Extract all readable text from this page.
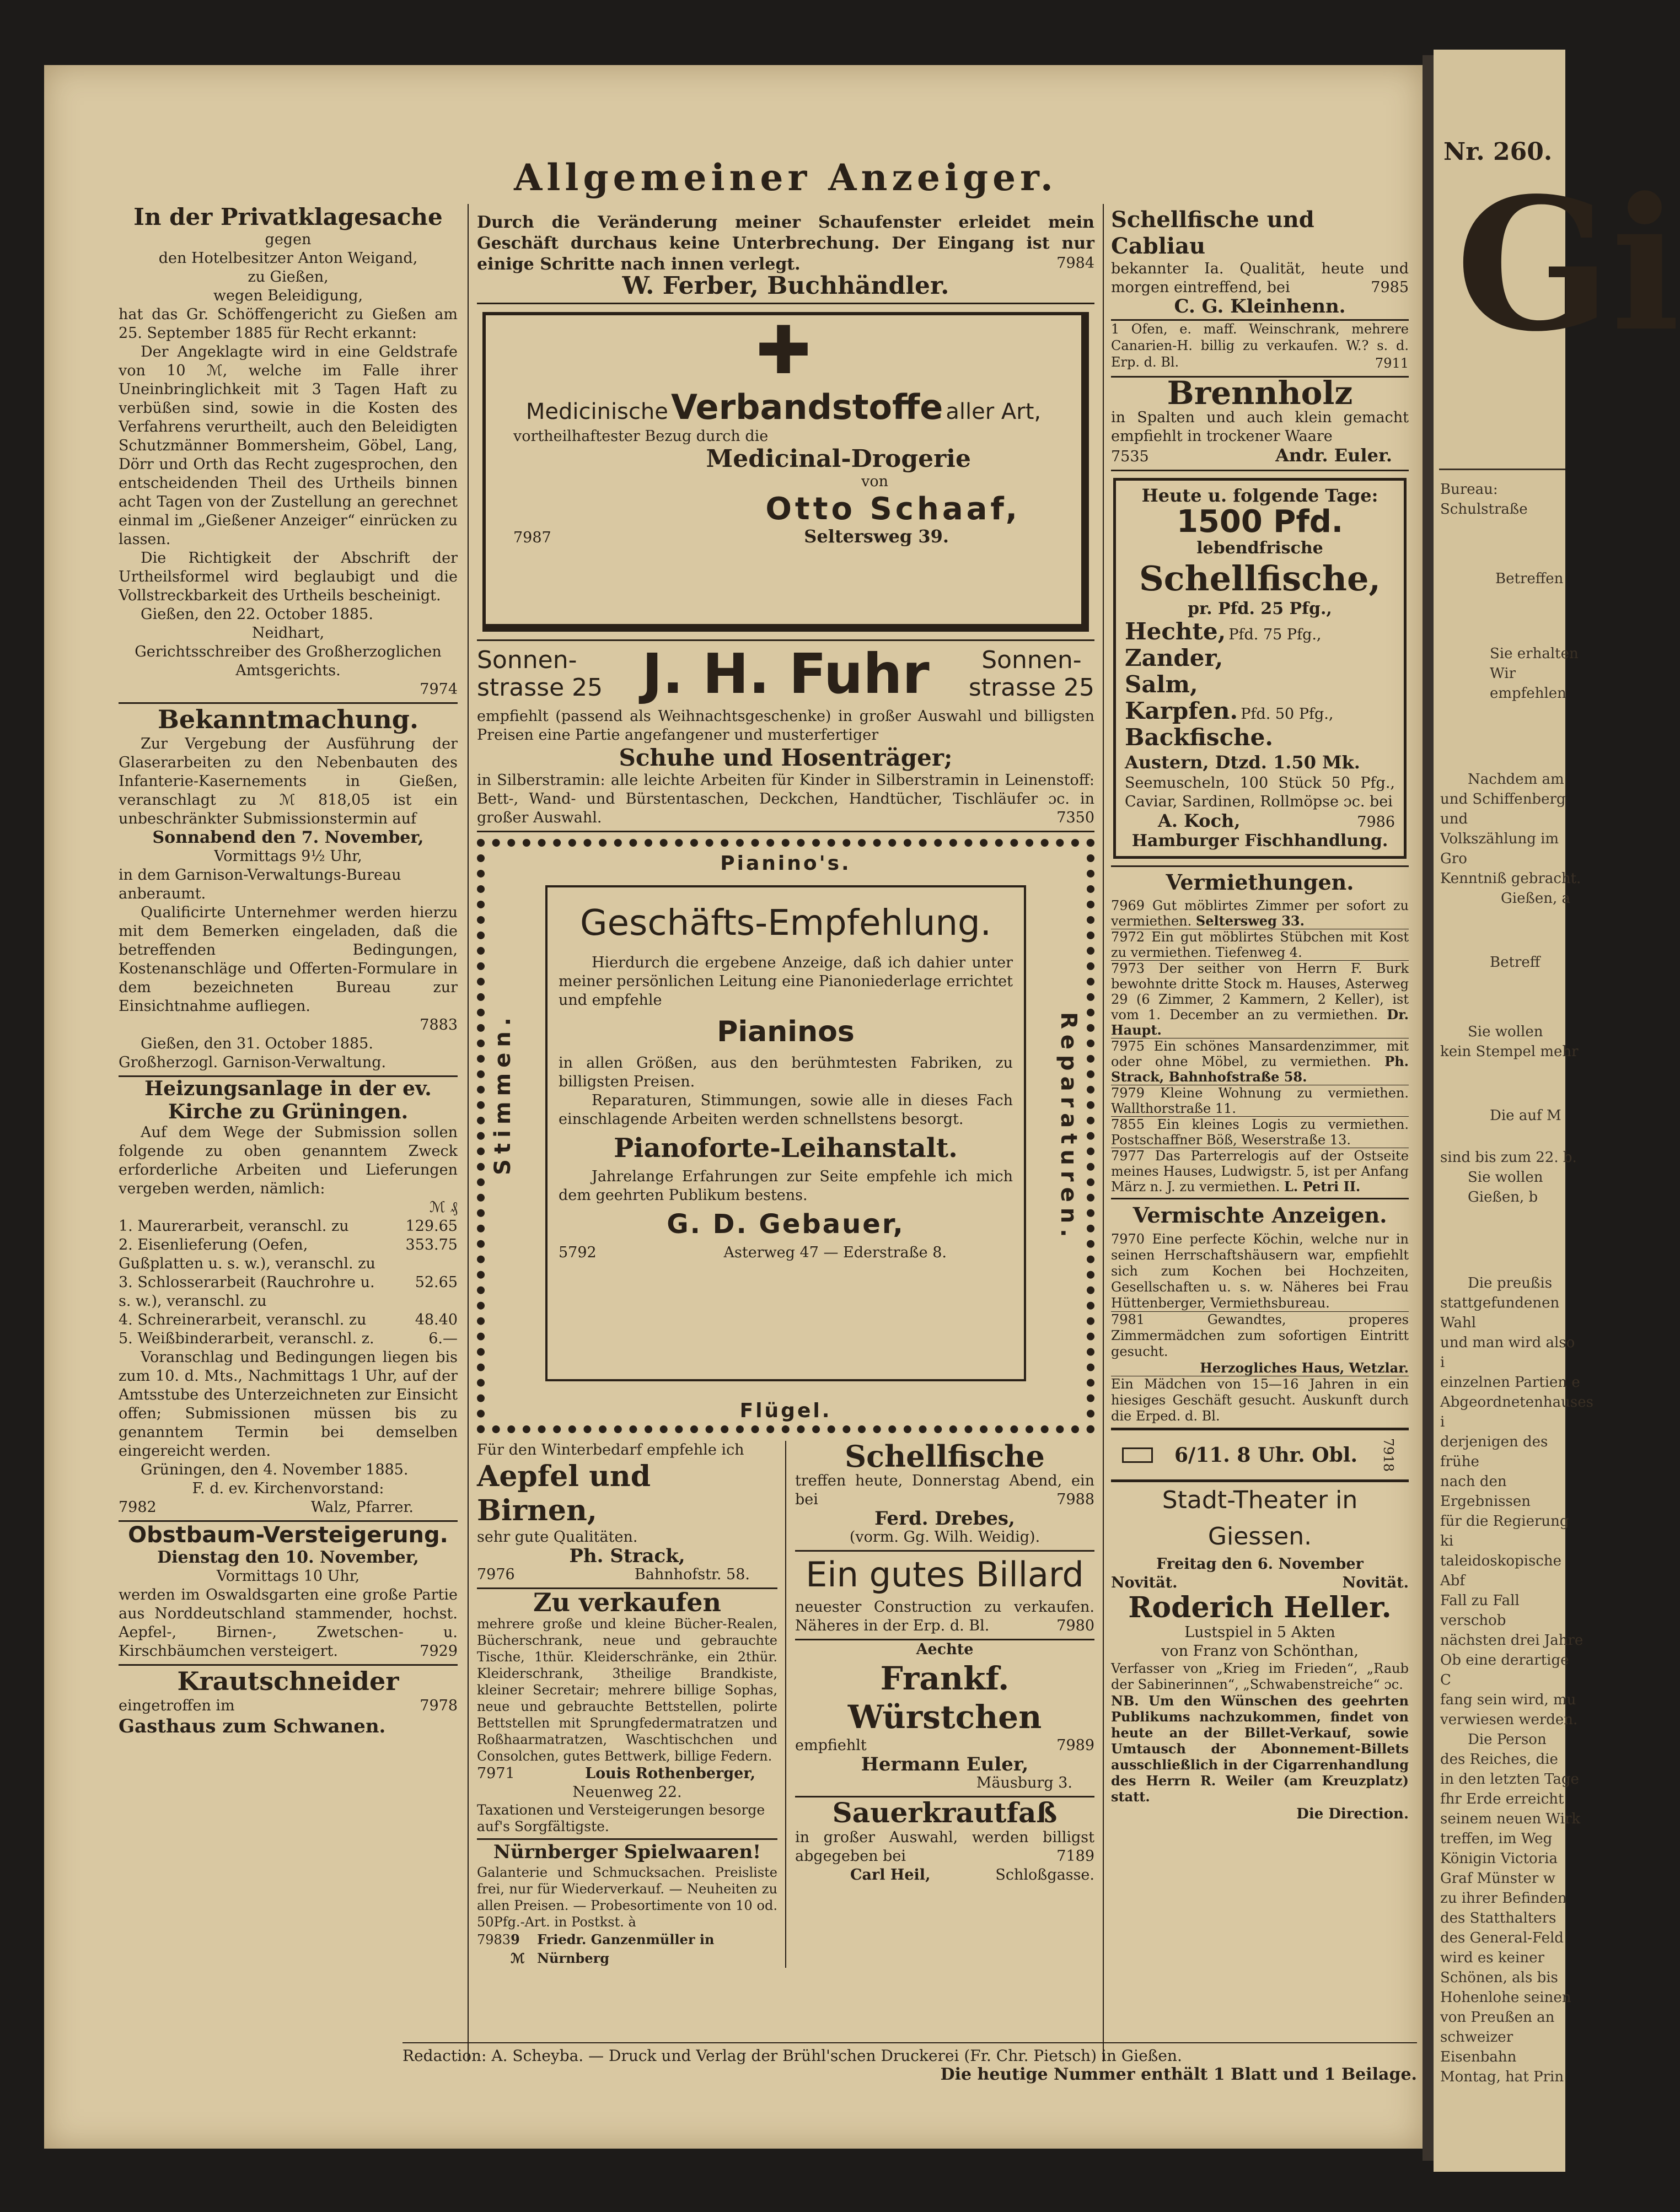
Allgemeiner Anzeiger.
In der Privatklagesache
gegen
den Hotelbesitzer Anton Weigand,
zu Gießen,
wegen Beleidigung,

hat das Gr. Schöffengericht zu Gießen am 25. September 1885 für Recht erkannt:

Der Angeklagte wird in eine Geldstrafe von 10 ℳ, welche im Falle ihrer Uneinbringlichkeit mit 3 Tagen Haft zu verbüßen sind, sowie in die Kosten des Verfahrens verurtheilt, auch den Beleidigten Schutzmänner Bommersheim, Göbel, Lang, Dörr und Orth das Recht zugesprochen, den entscheidenden Theil des Urtheils binnen acht Tagen von der Zustellung an gerechnet einmal im „Gießener Anzeiger“ einrücken zu lassen.

Die Richtigkeit der Abschrift der Urtheilsformel wird beglaubigt und die Vollstreckbarkeit des Urtheils bescheinigt.

Gießen, den 22. October 1885.
Neidhart,
Gerichtsschreiber des Großherzoglichen Amtsgerichts.
7974
Bekanntmachung.

Zur Vergebung der Ausführung der Glaserarbeiten zu den Nebenbauten des Infanterie-Kasernements in Gießen, veranschlagt zu ℳ 818,05 ist ein unbeschränkter Submissionstermin auf

Sonnabend den 7. November,
Vormittags 9½ Uhr,

in dem Garnison-Verwaltungs-Bureau anberaumt.

Qualificirte Unternehmer werden hierzu mit dem Bemerken eingeladen, daß die betreffenden Bedingungen, Kostenanschläge und Offerten-Formulare in dem bezeichneten Bureau zur Einsichtnahme aufliegen.

7883
Gießen, den 31. October 1885.
Großherzogl. Garnison-Verwaltung.
Heizungsanlage in der ev. Kirche zu Grüningen.

Auf dem Wege der Submission sollen folgende zu oben genanntem Zweck erforderliche Arbeiten und Lieferungen vergeben werden, nämlich:

ℳ ₰
1. Maurerarbeit, veranschl. zu	129.65
2. Eisenlieferung (Oefen, Gußplatten u. s. w.), veranschl. zu
353.75
3. Schlosserarbeit (Rauchrohre u. s. w.), veranschl. zu
52.65
4. Schreinerarbeit, veranschl. zu	48.40
5. Weißbinderarbeit, veranschl. z.	6.—

Voranschlag und Bedingungen liegen bis zum 10. d. Mts., Nachmittags 1 Uhr, auf der Amtsstube des Unterzeichneten zur Einsicht offen; Submissionen müssen bis zu genanntem Termin bei demselben eingereicht werden.

Grüningen, den 4. November 1885.
F. d. ev. Kirchenvorstand:
7982	Walz, Pfarrer.
Obstbaum-Versteigerung.
Dienstag den 10. November,
Vormittags 10 Uhr,

werden im Oswaldsgarten eine große Partie aus Norddeutschland stammender, hochst. Aepfel-, Birnen-, Zwetschen- u. Kirschbäumchen versteigert.	7929
Krautschneider
eingetroffen im	7978
Gasthaus zum Schwanen.

Durch die Veränderung meiner Schaufenster erleidet mein Geschäft durchaus keine Unterbrechung. Der Eingang ist nur einige Schritte nach innen verlegt.	7984
W. Ferber, Buchhändler.
✚
Medicinische Verbandstoffe aller Art,
vortheilhaftester Bezug durch die
Medicinal-Drogerie
von
Otto Schaaf,
7987	Seltersweg 39.
Sonnen-
strasse 25 J. H. Fuhr	Sonnen-
strasse 25

empfiehlt (passend als Weihnachtsgeschenke) in großer Auswahl und billigsten Preisen eine Partie angefangener und musterfertiger

Schuhe und Hosenträger;

in Silberstramin: alle leichte Arbeiten für Kinder in Silberstramin in Leinenstoff: Bett-, Wand- und Bürstentaschen, Deckchen, Handtücher, Tischläufer ɔc. in großer Auswahl.	7350
Pianino's.
Stimmen.	Reparaturen.
Flügel.
Geschäfts-Empfehlung.

Hierdurch die ergebene Anzeige, daß ich dahier unter meiner persönlichen Leitung eine Pianoniederlage errichtet und empfehle

Pianinos

in allen Größen, aus den berühmtesten Fabriken, zu billigsten Preisen.

Reparaturen, Stimmungen, sowie alle in dieses Fach einschlagende Arbeiten werden schnellstens besorgt.

Pianoforte-Leihanstalt.

Jahrelange Erfahrungen zur Seite empfehle ich mich dem geehrten Publikum bestens.

G. D. Gebauer,
5792	Asterweg 47 — Ederstraße 8.
Für den Winterbedarf empfehle ich
Aepfel und Birnen,
sehr gute Qualitäten.
Ph. Strack,
7976	Bahnhofstr. 58.
Zu verkaufen

mehrere große und kleine Bücher-Realen, Bücherschrank, neue und gebrauchte Tische, 1thür. Kleiderschränke, ein 2thür. Kleiderschrank, 3theilige Brandkiste, kleiner Secretair; mehrere billige Sophas, neue und gebrauchte Bettstellen, polirte Bettstellen mit Sprungfedermatratzen und Roßhaarmatratzen, Waschtischchen und Consolchen, gutes Bettwerk, billige Federn.

7971	Louis Rothenberger,
Neuenweg 22.

Taxationen und Versteigerungen besorge auf's Sorgfältigste.

Nürnberger Spielwaaren!

Galanterie und Schmucksachen. Preisliste frei, nur für Wiederverkauf. — Neuheiten zu allen Preisen. — Probesortimente von 10 od. 50Pfg.-Art. in Postkst. à

7983 9 ℳ
Friedr. Ganzenmüller in Nürnberg
Schellfische

treffen heute, Donnerstag Abend, ein bei	7988
Ferd. Drebes,
(vorm. Gg. Wilh. Weidig).
Ein gutes Billard

neuester Construction zu verkaufen. Näheres in der Erp. d. Bl.	7980
Aechte
Frankf. Würstchen
empfiehlt	7989
Hermann Euler,
Mäusburg 3.
Sauerkrautfaß

in großer Auswahl, werden billigst abgegeben bei	7189
Carl Heil,	Schloßgasse.
Schellfische und Cabliau

bekannter Ia. Qualität, heute und morgen eintreffend, bei	7985
C. G. Kleinhenn.

1 Ofen, e. maff. Weinschrank, mehrere Canarien-H. billig zu verkaufen. W.? s. d. Erp. d. Bl.	7911
Brennholz

in Spalten und auch klein gemacht empfiehlt in trockener Waare

7535	Andr. Euler.
Heute u. folgende Tage:
1500 Pfd.
lebendfrische
Schellfische,
pr. Pfd. 25 Pfg.,
Hechte, Pfd. 75 Pfg.,
Zander,
Salm,
Karpfen. Pfd. 50 Pfg.,
Backfische.
Austern, Dtzd. 1.50 Mk.

Seemuscheln, 100 Stück 50 Pfg., Caviar, Sardinen, Rollmöpse ɔc. bei

A. Koch,	7986
Hamburger Fischhandlung.
Vermiethungen.

7969 Gut möblirtes Zimmer per sofort zu vermiethen. Seltersweg 33.

7972 Ein gut möblirtes Stübchen mit Kost zu vermiethen. Tiefenweg 4.

7973 Der seither von Herrn F. Burk bewohnte dritte Stock m. Hauses, Asterweg 29 (6 Zimmer, 2 Kammern, 2 Keller), ist vom 1. December an zu vermiethen. Dr. Haupt.

7975 Ein schönes Mansardenzimmer, mit oder ohne Möbel, zu vermiethen. Ph. Strack, Bahnhofstraße 58.

7979 Kleine Wohnung zu vermiethen. Wallthorstraße 11.

7855 Ein kleines Logis zu vermiethen. Postschaffner Böß, Weserstraße 13.

7977 Das Parterrelogis auf der Ostseite meines Hauses, Ludwigstr. 5, ist per Anfang März n. J. zu vermiethen. L. Petri II.

Vermischte Anzeigen.

7970 Eine perfecte Köchin, welche nur in seinen Herrschaftshäusern war, empfiehlt sich zum Kochen bei Hochzeiten, Gesellschaften u. s. w. Näheres bei Frau Hüttenberger, Vermiethsbureau.

7981	Gewandtes, properes Zimmermädchen zum sofortigen Eintritt gesucht.

Herzogliches Haus, Wetzlar.

Ein Mädchen von 15—16 Jahren in ein hiesiges Geschäft gesucht. Auskunft durch die Erped. d. Bl.

6/11. 8 Uhr. Obl. 7918
Stadt-Theater in Giessen.
Freitag den 6. November
Novität.	Novität.
Roderich Heller.
Lustspiel in 5 Akten
von Franz von Schönthan,

Verfasser von „Krieg im Frieden“, „Raub der Sabinerinnen“, „Schwabenstreiche“ ɔc.

NB. Um den Wünschen des geehrten Publikums nachzukommen, findet von heute an der Billet-Verkauf, sowie Umtausch der Abonnement-Billets ausschließlich in der Cigarrenhandlung des Herrn R. Weiler (am Kreuzplatz) statt.

Die Direction.
Redaction: A. Scheyba. — Druck und Verlag der Brühl'schen Druckerei (Fr. Chr. Pietsch) in Gießen.
Die heutige Nummer enthält 1 Blatt und 1 Beilage.
Nr. 260.
Gi
Bureau: Schulstraße
Betreffen
Sie erhalten
Wir empfehlen
Nachdem am
und Schiffenberg und
Volkszählung im Gro
Kenntniß gebracht.
Gießen, a
Betreff
Sie wollen
kein Stempel mehr
Die auf M
sind bis zum 22. b.
Sie wollen
Gießen, b
Die preußis
stattgefundenen Wahl
und man wird also i
einzelnen Partien e
Abgeordnetenhauses i
derjenigen des frühe
nach den Ergebnissen
für die Regierung ki
taleidoskopische Abf
Fall zu Fall verschob
nächsten drei Jahre
Ob eine derartige C
fang sein wird, mu
verwiesen werden.
Die Person
des Reiches, die
in den letzten Tage
fhr Erde erreicht
seinem neuen Wirk
treffen, im Weg
Königin Victoria
Graf Münster w
zu ihrer Befinden
des Statthalters
des General-Feld
wird es keiner
Schönen, als bis
Hohenlohe seinen
von Preußen an
schweizer Eisenbahn
Montag, hat Prin
